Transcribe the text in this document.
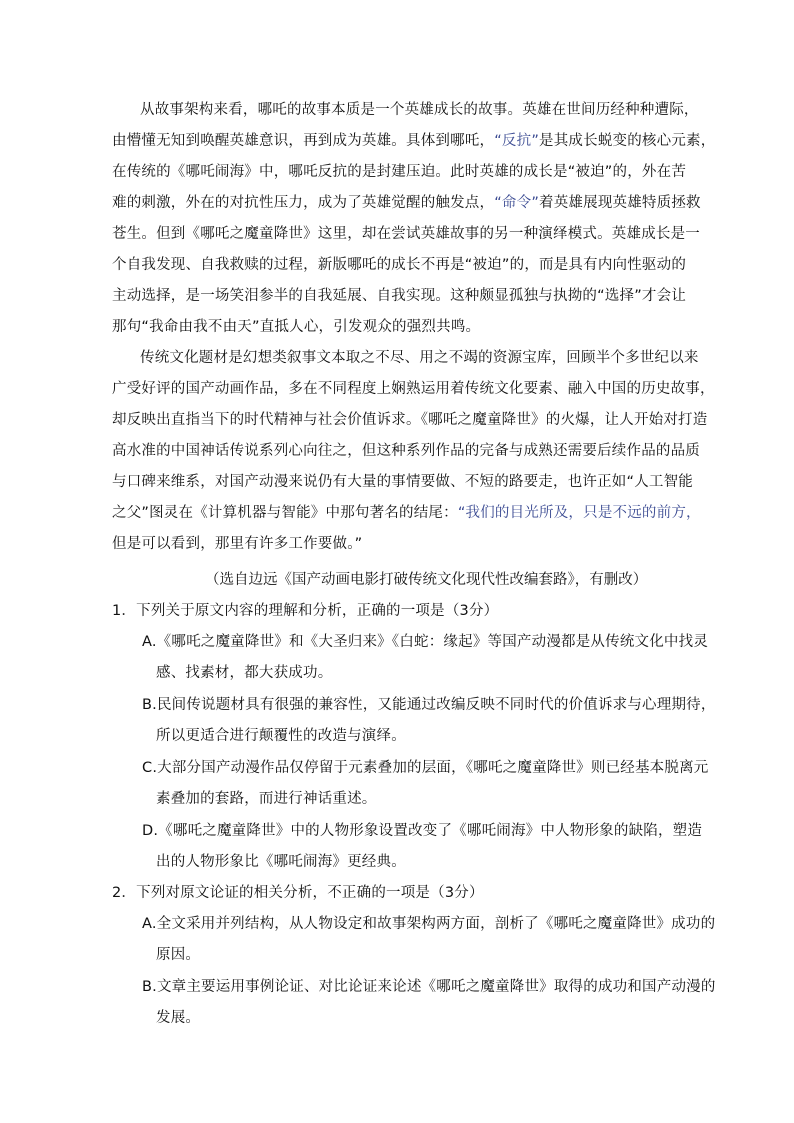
从故事架构来看，哪吒的故事本质是一个英雄成长的故事。英雄在世间历经种种遭际，
由懵懂无知到唤醒英雄意识，再到成为英雄。具体到哪吒，“反抗”是其成长蜕变的核心元素，
在传统的《哪吒闹海》中，哪吒反抗的是封建压迫。此时英雄的成长是“被迫”的，外在苦
难的刺激，外在的对抗性压力，成为了英雄觉醒的触发点，“命令”着英雄展现英雄特质拯救
苍生。但到《哪吒之魔童降世》这里，却在尝试英雄故事的另一种演绎模式。英雄成长是一
个自我发现、自我救赎的过程，新版哪吒的成长不再是“被迫”的，而是具有内向性驱动的
主动选择，是一场笑泪参半的自我延展、自我实现。这种颇显孤独与执拗的“选择”才会让
那句“我命由我不由天”直抵人心，引发观众的强烈共鸣。
传统文化题材是幻想类叙事文本取之不尽、用之不竭的资源宝库，回顾半个多世纪以来
广受好评的国产动画作品，多在不同程度上娴熟运用着传统文化要素、融入中国的历史故事，
却反映出直指当下的时代精神与社会价值诉求。《哪吒之魔童降世》的火爆，让人开始对打造
高水准的中国神话传说系列心向往之，但这种系列作品的完备与成熟还需要后续作品的品质
与口碑来维系，对国产动漫来说仍有大量的事情要做、不短的路要走，也许正如“人工智能
之父”图灵在《计算机器与智能》中那句著名的结尾：“我们的目光所及，只是不远的前方，
但是可以看到，那里有许多工作要做。”
（选自边远《国产动画电影打破传统文化现代性改编套路》，有删改）
1．下列关于原文内容的理解和分析，正确的一项是（3分）
A.《哪吒之魔童降世》和《大圣归来》《白蛇：缘起》等国产动漫都是从传统文化中找灵
感、找素材，都大获成功。
B.民间传说题材具有很强的兼容性，又能通过改编反映不同时代的价值诉求与心理期待，
所以更适合进行颠覆性的改造与演绎。
C.大部分国产动漫作品仅停留于元素叠加的层面，《哪吒之魔童降世》则已经基本脱离元
素叠加的套路，而进行神话重述。
D.《哪吒之魔童降世》中的人物形象设置改变了《哪吒闹海》中人物形象的缺陷，塑造
出的人物形象比《哪吒闹海》更经典。
2．下列对原文论证的相关分析，不正确的一项是（3分）
A.全文采用并列结构，从人物设定和故事架构两方面，剖析了《哪吒之魔童降世》成功的
原因。
B.文章主要运用事例论证、对比论证来论述《哪吒之魔童降世》取得的成功和国产动漫的
发展。
